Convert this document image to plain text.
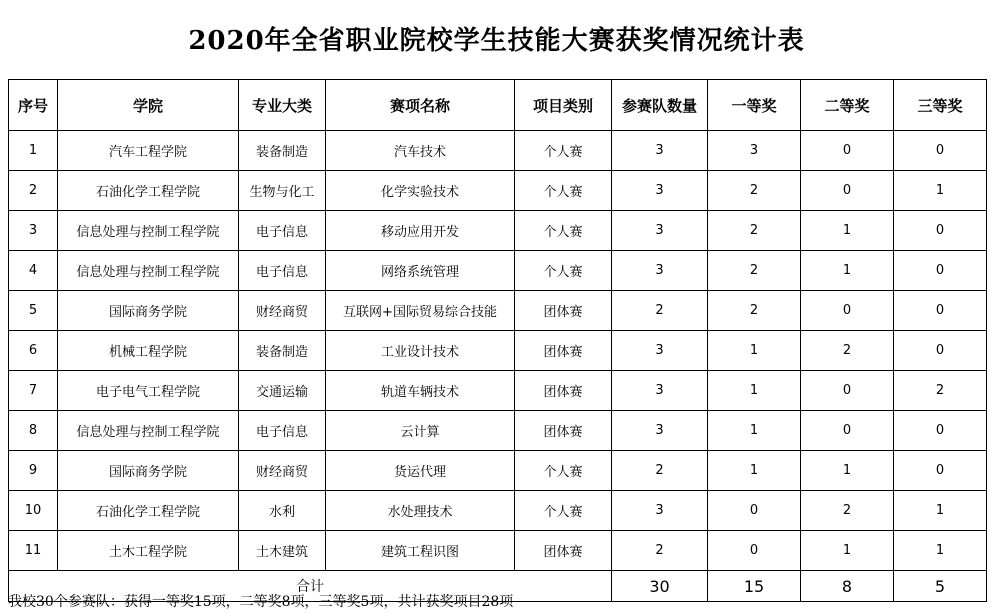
2020年全省职业院校学生技能大赛获奖情况统计表
序号	学院	专业大类	赛项名称	项目类别	参赛队数量	一等奖	二等奖	三等奖
1	汽车工程学院	装备制造	汽车技术	个人赛	3	3	0	0
2	石油化学工程学院	生物与化工	化学实验技术	个人赛	3	2	0	1
3	信息处理与控制工程学院	电子信息	移动应用开发	个人赛	3	2	1	0
4	信息处理与控制工程学院	电子信息	网络系统管理	个人赛	3	2	1	0
5	国际商务学院	财经商贸	互联网+国际贸易综合技能	团体赛	2	2	0	0
6	机械工程学院	装备制造	工业设计技术	团体赛	3	1	2	0
7	电子电气工程学院	交通运输	轨道车辆技术	团体赛	3	1	0	2
8	信息处理与控制工程学院	电子信息	云计算	团体赛	3	1	0	0
9	国际商务学院	财经商贸	货运代理	个人赛	2	1	1	0
10	石油化学工程学院	水利	水处理技术	个人赛	3	0	2	1
11	土木工程学院	土木建筑	建筑工程识图	团体赛	2	0	1	1
合计					30	15	8	5
我校30个参赛队：获得一等奖15项，二等奖8项，三等奖5项，共计获奖项目28项
